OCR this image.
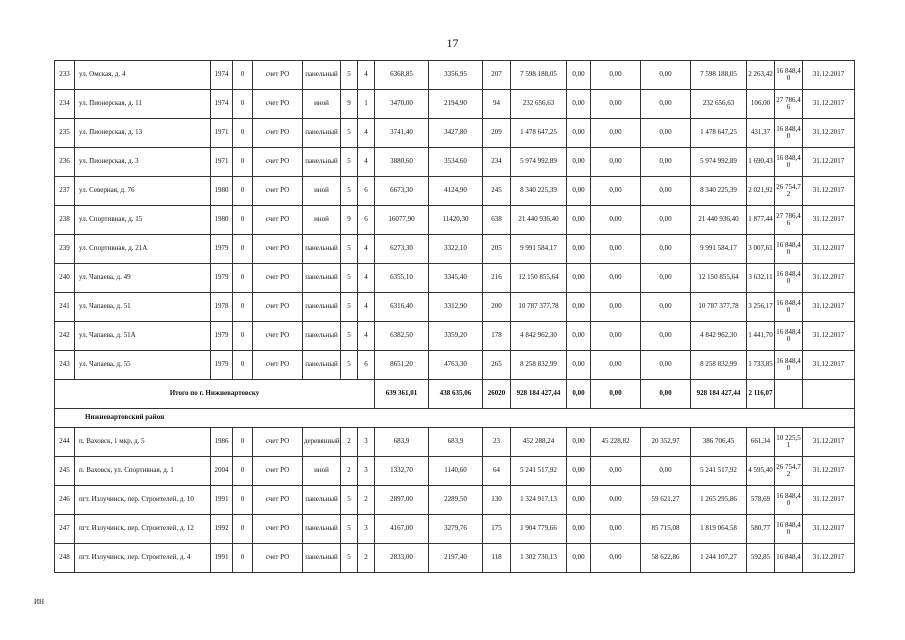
17
233	ул. Омская, д. 4	1974	0	счет РО	панельный	5	4	6368,85	3356,95	207	7 598 188,05	0,00	0,00	0,00	7 598 188,05	2 263,42	16 848,40	31.12.2017
234	ул. Пионерская, д. 11	1974	0	счет РО	иной	9	1	3470,00	2194,90	94	232 656,63	0,00	0,00	0,00	232 656,63	106,00	27 786,46	31.12.2017
235	ул. Пионерская, д. 13	1971	0	счет РО	панельный	5	4	3741,40	3427,80	209	1 478 647,25	0,00	0,00	0,00	1 478 647,25	431,37	16 848,40	31.12.2017
236	ул. Пионерская, д. 3	1971	0	счет РО	панельный	5	4	3880,60	3534,60	234	5 974 992,89	0,00	0,00	0,00	5 974 992,89	1 690,43	16 848,40	31.12.2017
237	ул. Северная, д. 76	1980	0	счет РО	иной	5	6	6673,30	4124,90	245	8 340 225,39	0,00	0,00	0,00	8 340 225,39	2 021,92	26 754,72	31.12.2017
238	ул. Спортивная, д. 15	1980	0	счет РО	иной	9	6	16077,90	11420,30	638	21 440 936,40	0,00	0,00	0,00	21 440 936,40	1 877,44	27 786,46	31.12.2017
239	ул. Спортивная, д. 21А	1979	0	счет РО	панельный	5	4	6273,30	3322,10	205	9 991 584,17	0,00	0,00	0,00	9 991 584,17	3 007,61	16 848,40	31.12.2017
240	ул. Чапаева, д. 49	1979	0	счет РО	панельный	5	4	6355,10	3345,40	216	12 150 855,64	0,00	0,00	0,00	12 150 855,64	3 632,11	16 848,40	31.12.2017
241	ул. Чапаева, д. 51	1978	0	счет РО	панельный	5	4	6316,40	3312,90	200	10 787 377,78	0,00	0,00	0,00	10 787 377,78	3 256,17	16 848,40	31.12.2017
242	ул. Чапаева, д. 51А	1979	0	счет РО	панельный	5	4	6382,50	3359,20	178	4 842 962,30	0,00	0,00	0,00	4 842 962,30	1 441,70	16 848,40	31.12.2017
243	ул. Чапаева, д. 55	1979	0	счет РО	панельный	5	6	8651,20	4763,30	265	8 258 832,99	0,00	0,00	0,00	8 258 832,99	1 733,85	16 848,40	31.12.2017
Итого по г. Нижневартовску								639 361,01	438 635,06	26020	928 184 427,44	0,00	0,00	0,00	928 184 427,44	2 116,07		
Нижневартовский район																		
244	п. Ваховск, 1 мкр, д. 5	1986	0	счет РО	деревянный	2	3	683,9	683,9	23	452 288,24	0,00	45 228,82	20 352,97	386 706,45	661,34	10 225,51	31.12.2017
245	п. Ваховск, ул. Спортивная, д. 1	2004	0	счет РО	иной	2	3	1332,70	1140,60	64	5 241 517,92	0,00	0,00	0,00	5 241 517,92	4 595,40	26 754,72	31.12.2017
246	пгт. Излучинск, пер. Строителей, д. 10	1991	0	счет РО	панельный	5	2	2897,00	2289,50	130	1 324 917,13	0,00	0,00	59 621,27	1 265 295,86	578,69	16 848,40	31.12.2017
247	пгт. Излучинск, пер. Строителей, д. 12	1992	0	счет РО	панельный	5	3	4167,00	3279,76	175	1 904 779,66	0,00	0,00	85 715,08	1 819 064,58	580,77	16 848,40	31.12.2017
248	пгт. Излучинск, пер. Строителей, д. 4	1991	0	счет РО	панельный	5	2	2833,00	2197,40	118	1 302 730,13	0,00	0,00	58 622,86	1 244 107,27	592,85	16 848,4	31.12.2017
ИН
